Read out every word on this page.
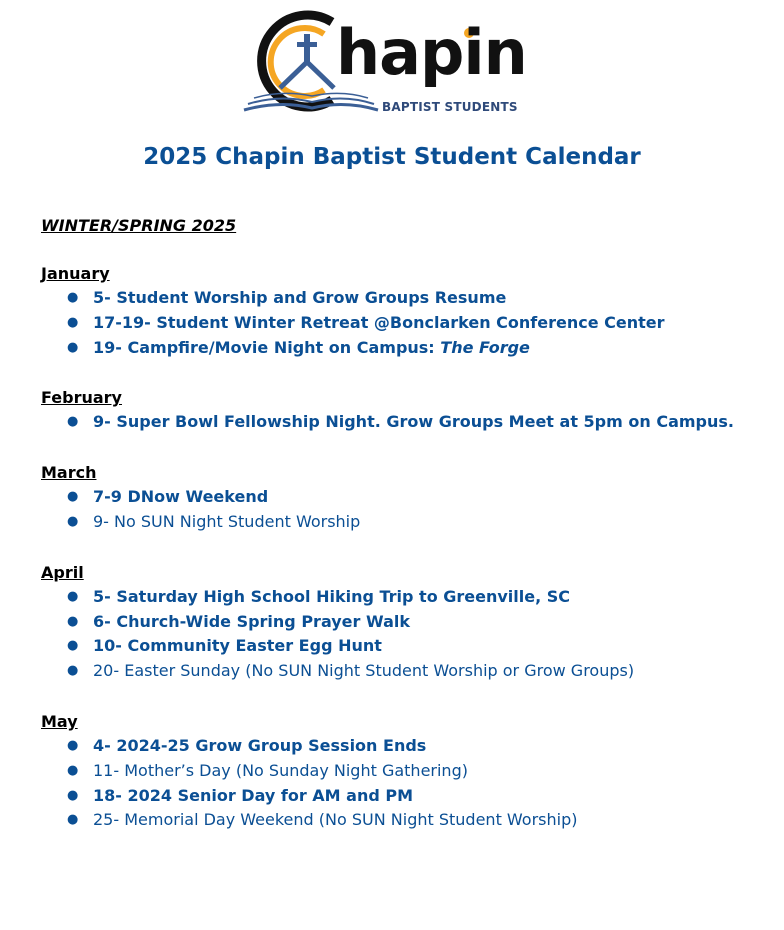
hapin
BAPTIST STUDENTS
2025 Chapin Baptist Student Calendar
WINTER/SPRING 2025
January
● 5- Student Worship and Grow Groups Resume
● 17-19- Student Winter Retreat @Bonclarken Conference Center
● 19- Campfire/Movie Night on Campus: The Forge
February
● 9- Super Bowl Fellowship Night. Grow Groups Meet at 5pm on Campus.
March
● 7-9 DNow Weekend
● 9- No SUN Night Student Worship
April
● 5- Saturday High School Hiking Trip to Greenville, SC
● 6- Church-Wide Spring Prayer Walk
● 10- Community Easter Egg Hunt
● 20- Easter Sunday (No SUN Night Student Worship or Grow Groups)
May
● 4- 2024-25 Grow Group Session Ends
● 11- Mother’s Day (No Sunday Night Gathering)
● 18- 2024 Senior Day for AM and PM
● 25- Memorial Day Weekend (No SUN Night Student Worship)
